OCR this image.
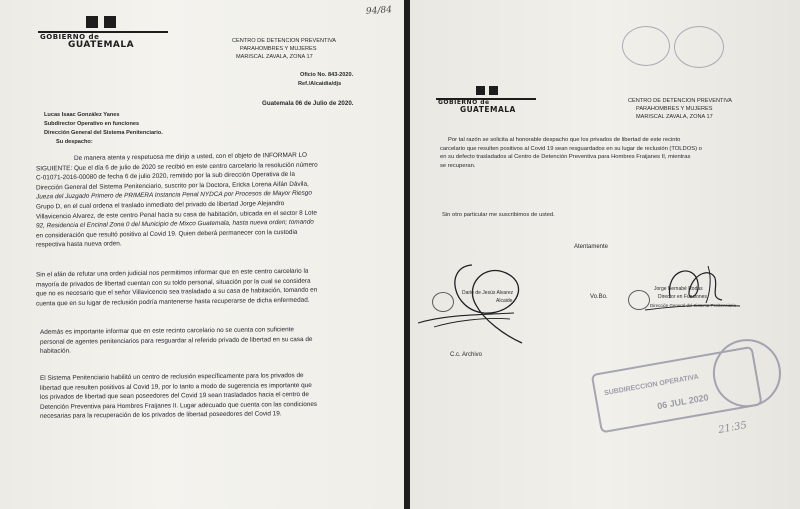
94/84
GOBIERNO de
GUATEMALA	CENTRO DE DETENCION PREVENTIVA
PARAHOMBRES Y MUJERES
MARISCAL ZAVALA, ZONA 17
Oficio No. 843-2020.
Ref./Alcaidia/djs
Guatemala 06 de Julio de 2020.
Lucas Isaac González Yanes
Subdirector Operativo en funciones
Dirección General del Sistema Penitenciario.
Su despacho:
De manera atenta y respetuosa me dirijo a usted, con el objeto de INFORMAR LO
SIGUIENTE: Que el día 6 de julio de 2020 se recibió en este centro carcelario la resolución número
C-01071-2016-00080 de fecha 6 de julio 2020, remitido por la sub dirección Operativa de la
Dirección General del Sistema Penitenciario, suscrito por la Doctora, Ericka Lorena Aifán Dávila,
Jueza del Juzgado Primero de PRIMERA Instancia Penal NYDCA por Procesos de Mayor Riesgo
Grupo D, en el cual ordena el traslado inmediato del privado de libertad Jorge Alejandro
Villavicencio Alvarez, de este centro Penal hacia su casa de habitación, ubicada en el sector 8 Lote
92, Residencia el Encinal Zona 0 del Municipio de Mixco Guatemala, hasta nueva orden; tomando
en consideración que resultó positivo al Covid 19. Quien deberá permanecer con la custodia
respectiva hasta nueva orden.
Sin el afán de refutar una orden judicial nos permitimos informar que en este centro carcelario la
mayoría de privados de libertad cuentan con su toldo personal, situación por la cual se considera
que no es necesario que el señor Villavicencio sea trasladado a su casa de habitación, tomando en
cuenta que en su lugar de reclusión podría mantenerse hasta recuperarse de dicha enfermedad.
Además es importante informar que en este recinto carcelario no se cuenta con suficiente
personal de agentes penitenciarios para resguardar al referido privado de libertad en su casa de
habitación.
El Sistema Penitenciario habilitó un centro de reclusión específicamente para los privados de
libertad que resulten positivos al Covid 19, por lo tanto a modo de sugerencia es importante que
los privados de libertad que sean poseedores del Covid 19 sean trasladados hacia el centro de
Detención Preventiva para Hombres Fraijanes II. Lugar adecuado que cuenta con las condiciones
necesarias para la recuperación de los privados de libertad poseedores del Covid 19.
GOBIERNO de
GUATEMALA
CENTRO DE DETENCION PREVENTIVA
PARAHOMBRES Y MUJERES
MARISCAL ZAVALA, ZONA 17
Por tal razón se solicita al honorable despacho que los privados de libertad de este recinto
carcelario que resulten positivos al Covid 19 sean resguardados en su lugar de reclusión (TOLDOS) o
en su defecto trasladados al Centro de Detención Preventiva para Hombres Fraijanes II, mientras
se recuperan.
Sin otro particular me suscribimos de usted.
Atentamente
Dario de Jesús Alvarez
Alcaide
Vo.Bo.
Jorge Bernabé Rodas
Director en Funciones
Dirección General del Sistema Penitenciario
C.c. Archivo
SUBDIRECCION OPERATIVA
06 JUL 2020
21:35
